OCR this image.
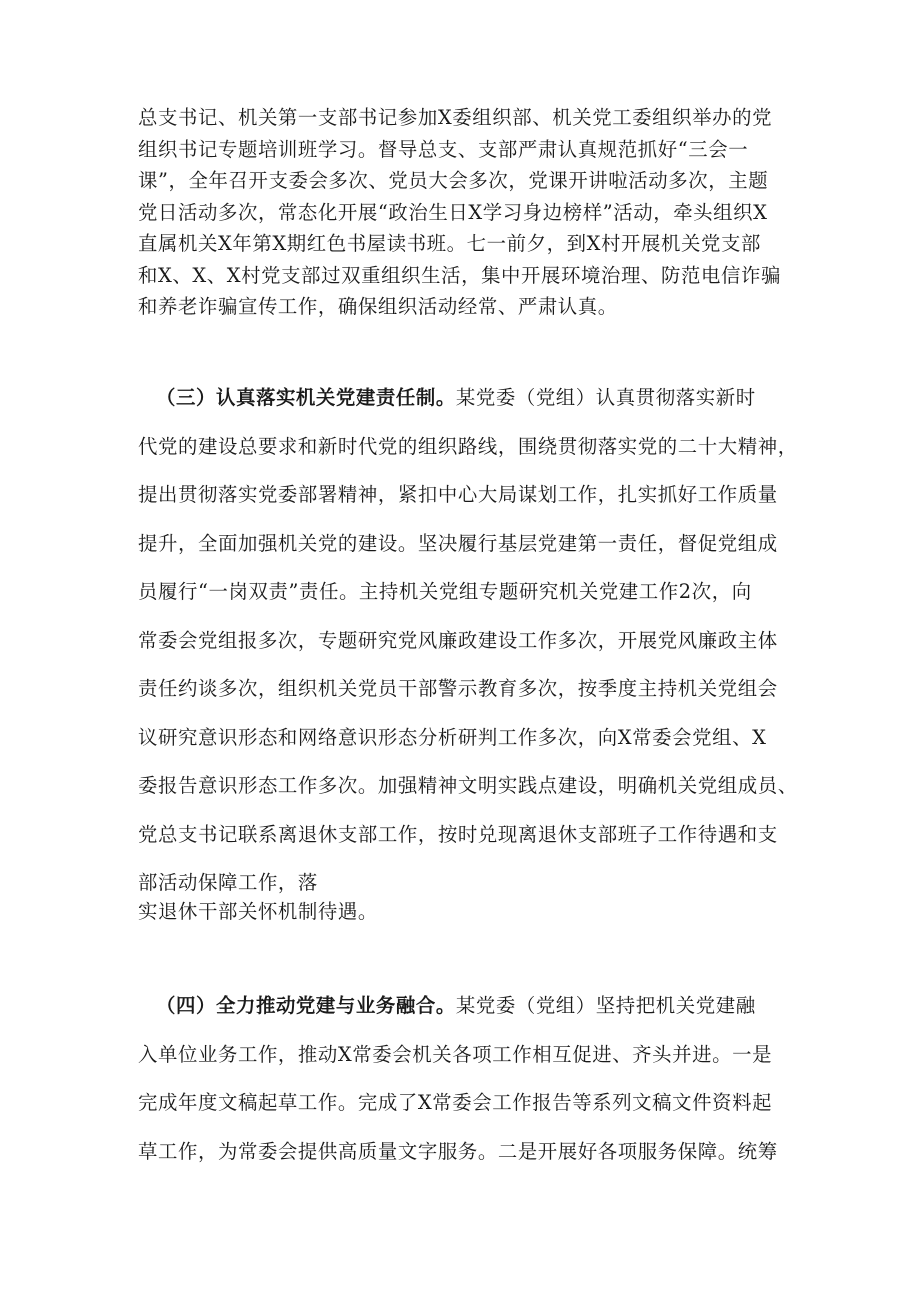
总支书记、机关第一支部书记参加X委组织部、机关党工委组织举办的党
组织书记专题培训班学习。督导总支、支部严肃认真规范抓好“三会一
课”，全年召开支委会多次、党员大会多次，党课开讲啦活动多次，主题
党日活动多次，常态化开展“政治生日X学习身边榜样”活动，牵头组织X
直属机关X年第X期红色书屋读书班。七一前夕，到X村开展机关党支部
和X、X、X村党支部过双重组织生活，集中开展环境治理、防范电信诈骗
和养老诈骗宣传工作，确保组织活动经常、严肃认真。
（三）认真落实机关党建责任制。某党委（党组）认真贯彻落实新时
代党的建设总要求和新时代党的组织路线，围绕贯彻落实党的二十大精神，
提出贯彻落实党委部署精神，紧扣中心大局谋划工作，扎实抓好工作质量
提升，全面加强机关党的建设。坚决履行基层党建第一责任，督促党组成
员履行“一岗双责”责任。主持机关党组专题研究机关党建工作2次，向
常委会党组报多次，专题研究党风廉政建设工作多次，开展党风廉政主体
责任约谈多次，组织机关党员干部警示教育多次，按季度主持机关党组会
议研究意识形态和网络意识形态分析研判工作多次，向X常委会党组、X
委报告意识形态工作多次。加强精神文明实践点建设，明确机关党组成员、
党总支书记联系离退休支部工作，按时兑现离退休支部班子工作待遇和支
部活动保障工作，落
实退休干部关怀机制待遇。
（四）全力推动党建与业务融合。某党委（党组）坚持把机关党建融
入单位业务工作，推动X常委会机关各项工作相互促进、齐头并进。一是
完成年度文稿起草工作。完成了X常委会工作报告等系列文稿文件资料起
草工作，为常委会提供高质量文字服务。二是开展好各项服务保障。统筹
